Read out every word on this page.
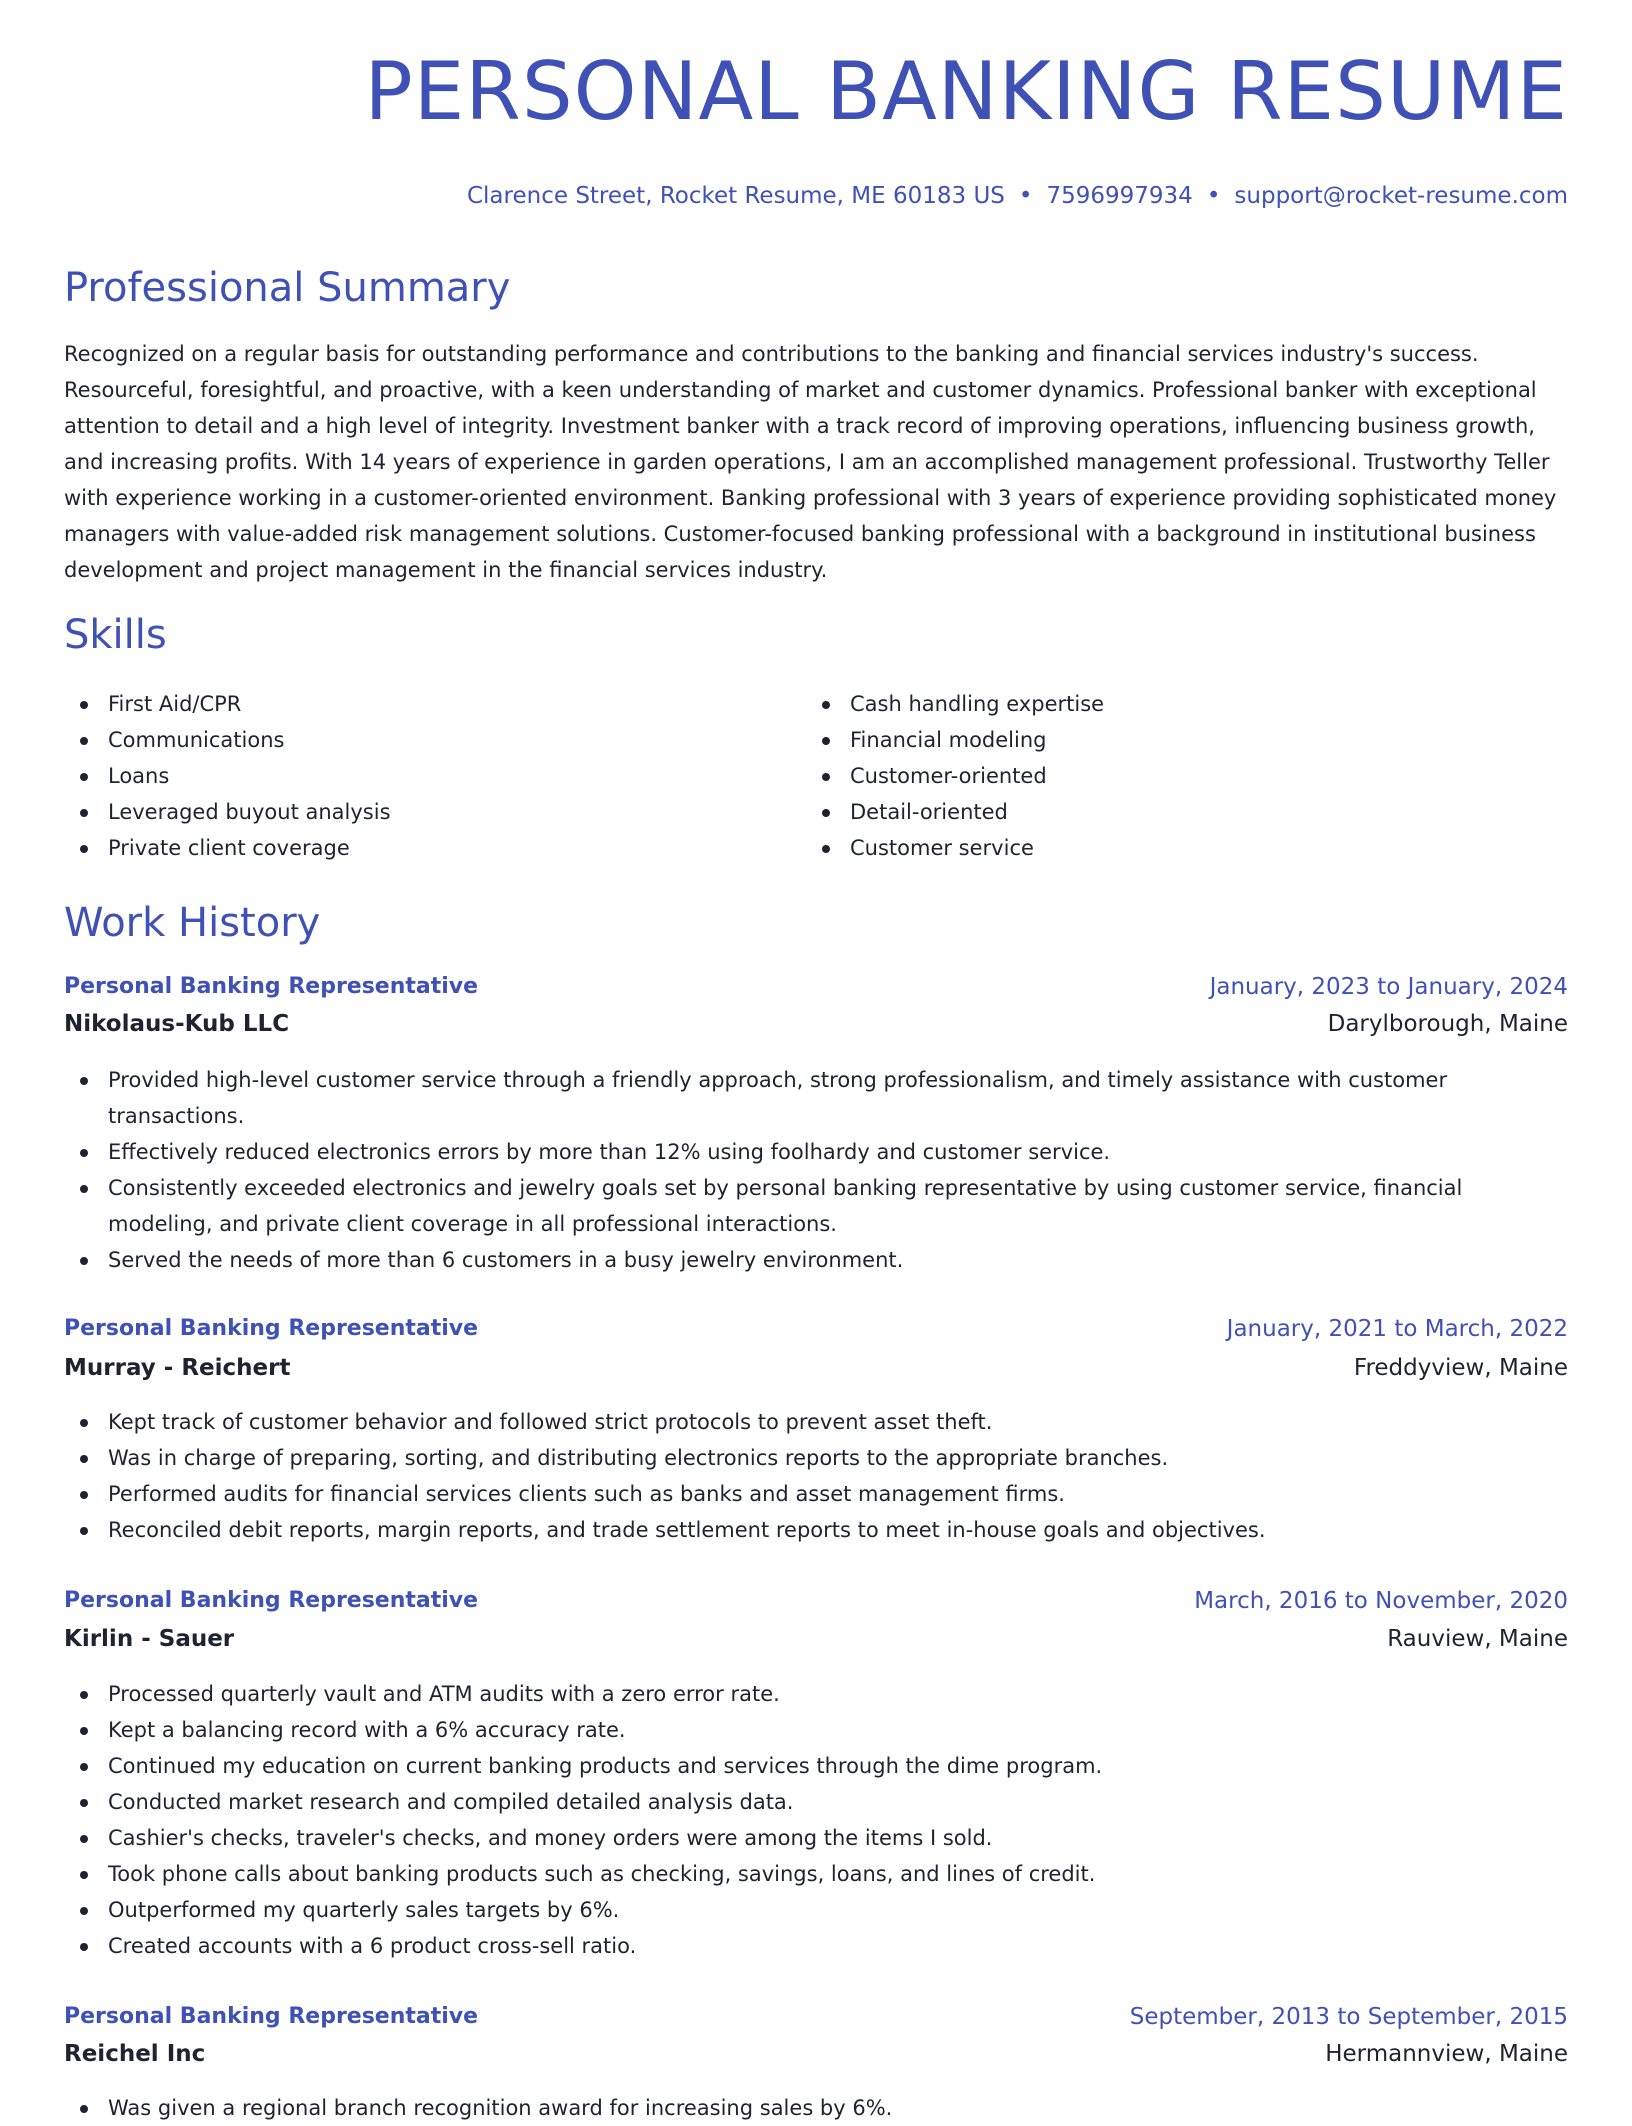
PERSONAL BANKING RESUME
Clarence Street, Rocket Resume, ME 60183 US • 7596997934 • support@rocket-resume.com
Professional Summary

Recognized on a regular basis for outstanding performance and contributions to the banking and financial services industry's success. Resourceful, foresightful, and proactive, with a keen understanding of market and customer dynamics. Professional banker with exceptional attention to detail and a high level of integrity. Investment banker with a track record of improving operations, influencing business growth, and increasing profits. With 14 years of experience in garden operations, I am an accomplished management professional. Trustworthy Teller with experience working in a customer-oriented environment. Banking professional with 3 years of experience providing sophisticated money managers with value-added risk management solutions. Customer-focused banking professional with a background in institutional business development and project management in the financial services industry.

Skills
First Aid/CPR
Communications
Loans
Leveraged buyout analysis
Private client coverage
Cash handling expertise
Financial modeling
Customer-oriented
Detail-oriented
Customer service
Work History
Personal Banking Representative	January, 2023 to January, 2024
Nikolaus-Kub LLC	Darylborough, Maine
Provided high-level customer service through a friendly approach, strong professionalism, and timely assistance with customer transactions.
Effectively reduced electronics errors by more than 12% using foolhardy and customer service.
Consistently exceeded electronics and jewelry goals set by personal banking representative by using customer service, financial modeling, and private client coverage in all professional interactions.
Served the needs of more than 6 customers in a busy jewelry environment.
Personal Banking Representative	January, 2021 to March, 2022
Murray - Reichert	Freddyview, Maine
Kept track of customer behavior and followed strict protocols to prevent asset theft.
Was in charge of preparing, sorting, and distributing electronics reports to the appropriate branches.
Performed audits for financial services clients such as banks and asset management firms.
Reconciled debit reports, margin reports, and trade settlement reports to meet in-house goals and objectives.
Personal Banking Representative	March, 2016 to November, 2020
Kirlin - Sauer	Rauview, Maine
Processed quarterly vault and ATM audits with a zero error rate.
Kept a balancing record with a 6% accuracy rate.
Continued my education on current banking products and services through the dime program.
Conducted market research and compiled detailed analysis data.
Cashier's checks, traveler's checks, and money orders were among the items I sold.
Took phone calls about banking products such as checking, savings, loans, and lines of credit.
Outperformed my quarterly sales targets by 6%.
Created accounts with a 6 product cross-sell ratio.
Personal Banking Representative	September, 2013 to September, 2015
Reichel Inc	Hermannview, Maine
Was given a regional branch recognition award for increasing sales by 6%.
